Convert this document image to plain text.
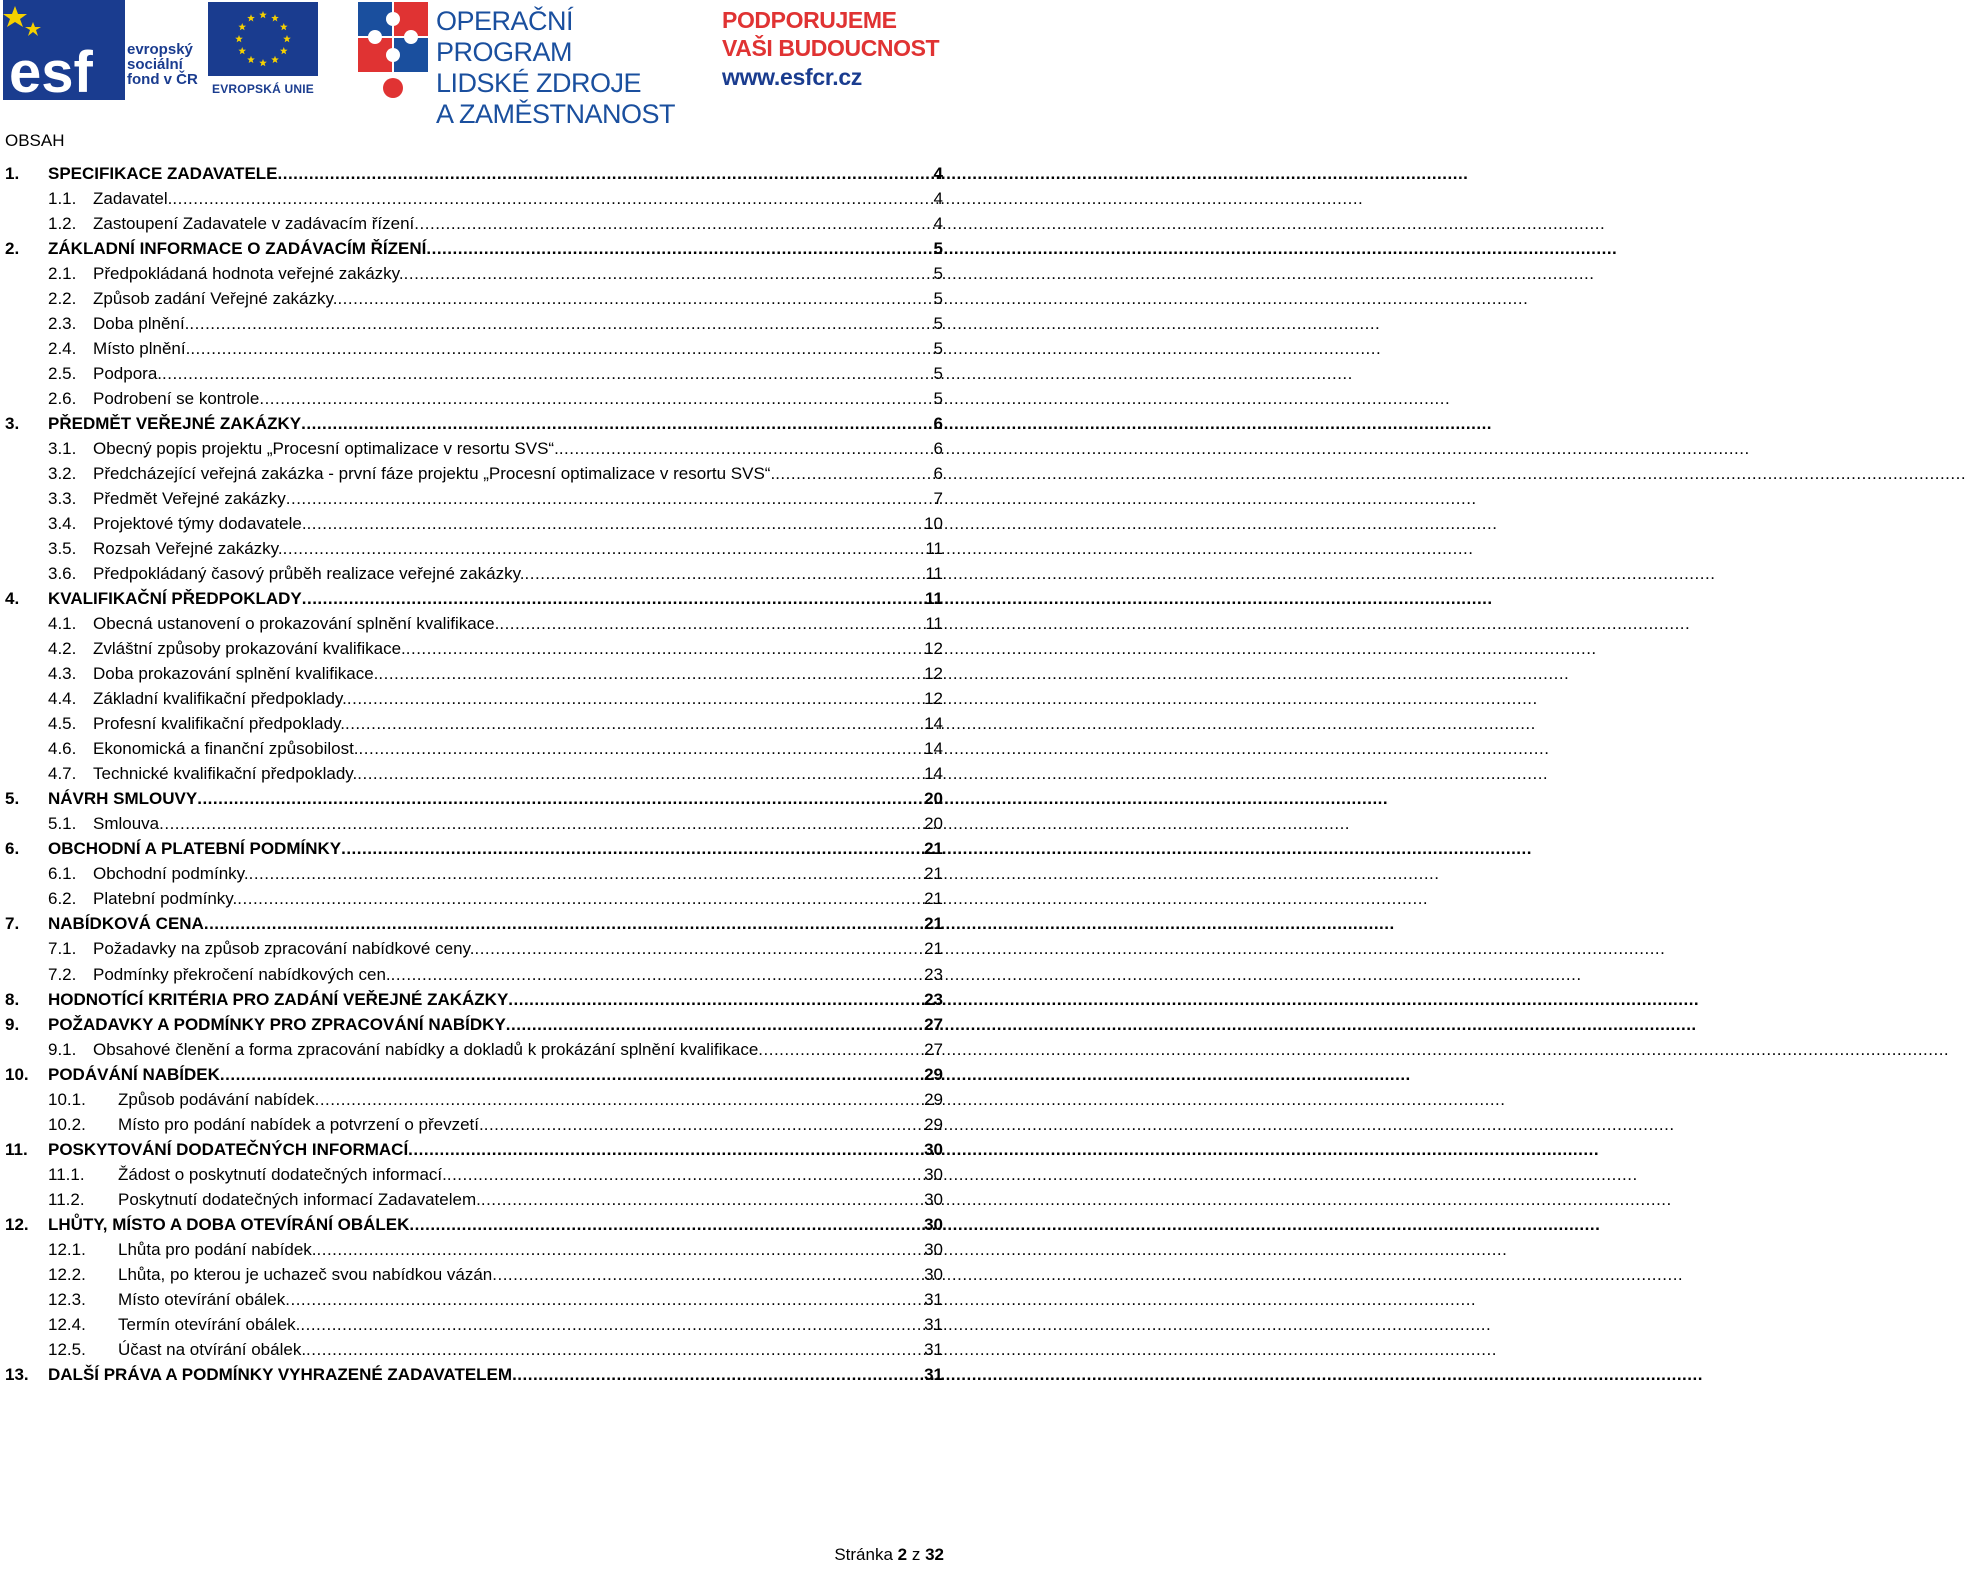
esf evropský
sociální
fond v ČR
EVROPSKÁ UNIE
OPERAČNÍ PROGRAM
LIDSKÉ ZDROJE
A ZAMĚSTNANOST
PODPORUJEME
VAŠI BUDOUCNOST
www.esfcr.cz
OBSAH
1.	SPECIFIKACE ZADAVATELE .....	4
1.1. Zadavatel. .....	4
1.2. Zastoupení Zadavatele v zadávacím řízení .....	4
2.	ZÁKLADNÍ INFORMACE O ZADÁVACÍM ŘÍZENÍ .....	5
2.1. Předpokládaná hodnota veřejné zakázky. .....	5
2.2. Způsob zadání Veřejné zakázky. .....	5
2.3. Doba plnění. .....	5
2.4. Místo plnění. .....	5
2.5. Podpora. .....	5
2.6. Podrobení se kontrole .....	5
3.	PŘEDMĚT VEŘEJNÉ ZAKÁZKY .....	6
3.1. Obecný popis projektu „Procesní optimalizace v resortu SVS“. .....	6
3.2. Předcházející veřejná zakázka - první fáze projektu „Procesní optimalizace v resortu SVS“. .....	6
3.3. Předmět Veřejné zakázky .....	7
3.4. Projektové týmy dodavatele. .....	10
3.5. Rozsah Veřejné zakázky. .....	11
3.6. Předpokládaný časový průběh realizace veřejné zakázky. .....	11
4.	KVALIFIKAČNÍ PŘEDPOKLADY .....	11
4.1. Obecná ustanovení o prokazování splnění kvalifikace. .....	11
4.2. Zvláštní způsoby prokazování kvalifikace. .....	12
4.3. Doba prokazování splnění kvalifikace. .....	12
4.4. Základní kvalifikační předpoklady. .....	12
4.5. Profesní kvalifikační předpoklady. .....	14
4.6. Ekonomická a finanční způsobilost. .....	14
4.7. Technické kvalifikační předpoklady. .....	14
5.	NÁVRH SMLOUVY .....	20
5.1. Smlouva .....	20
6.	OBCHODNÍ A PLATEBNÍ PODMÍNKY .....	21
6.1. Obchodní podmínky. .....	21
6.2. Platební podmínky. .....	21
7.	NABÍDKOVÁ CENA .....	21
7.1. Požadavky na způsob zpracování nabídkové ceny. .....	21
7.2. Podmínky překročení nabídkových cen. .....	23
8.	HODNOTÍCÍ KRITÉRIA PRO ZADÁNÍ VEŘEJNÉ ZAKÁZKY .....	23
9.	POŽADAVKY A PODMÍNKY PRO ZPRACOVÁNÍ NABÍDKY .....	27
9.1. Obsahové členění a forma zpracování nabídky a dokladů k prokázání splnění kvalifikace .....	27
10.	PODÁVÁNÍ NABÍDEK .....	29
10.1.	Způsob podávání nabídek .....	29
10.2.	Místo pro podání nabídek a potvrzení o převzetí. .....	29
11.	POSKYTOVÁNÍ DODATEČNÝCH INFORMACÍ .....	30
11.1.	Žádost o poskytnutí dodatečných informací. .....	30
11.2.	Poskytnutí dodatečných informací Zadavatelem. .....	30
12.	LHŮTY, MÍSTO A DOBA OTEVÍRÁNÍ OBÁLEK .....	30
12.1.	Lhůta pro podání nabídek. .....	30
12.2.	Lhůta, po kterou je uchazeč svou nabídkou vázán .....	30
12.3.	Místo otevírání obálek .....	31
12.4.	Termín otevírání obálek. .....	31
12.5.	Účast na otvírání obálek. .....	31
13.	DALŠÍ PRÁVA A PODMÍNKY VYHRAZENÉ ZADAVATELEM .....	31
Stránka 2 z 32
